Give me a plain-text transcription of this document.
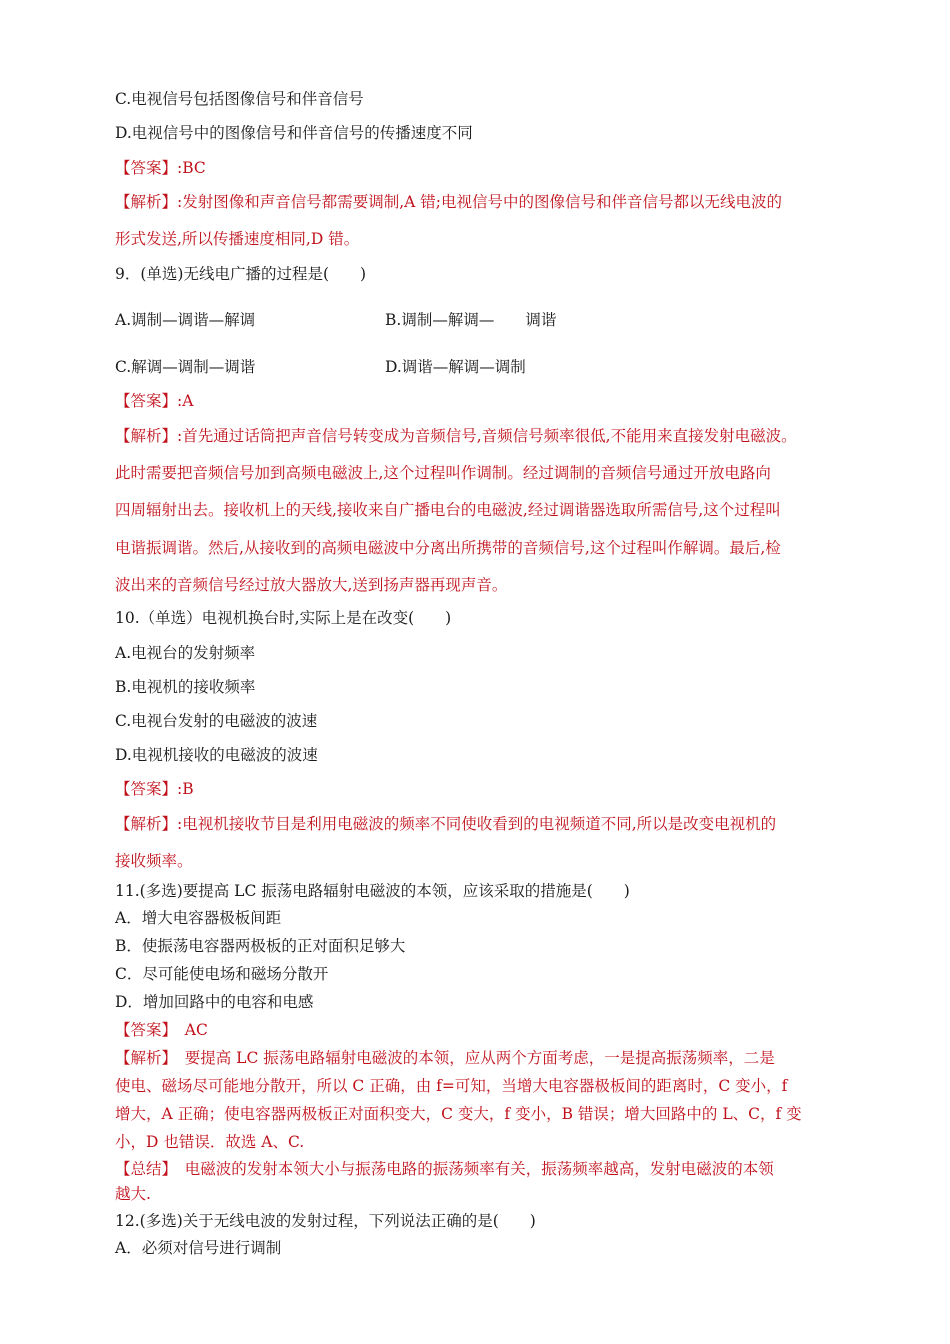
C.电视信号包括图像信号和伴音信号
D.电视信号中的图像信号和伴音信号的传播速度不同
【答案】:BC
【解析】:发射图像和声音信号都需要调制,A 错;电视信号中的图像信号和伴音信号都以无线电波的
形式发送,所以传播速度相同,D 错。
9．(单选)无线电广播的过程是(　　)
A.调制—调谐—解调	B.调制—解调—　　调谐
C.解调—调制—调谐	D.调谐—解调—调制
【答案】:A
【解析】:首先通过话筒把声音信号转变成为音频信号,音频信号频率很低,不能用来直接发射电磁波。
此时需要把音频信号加到高频电磁波上,这个过程叫作调制。经过调制的音频信号通过开放电路向
四周辐射出去。接收机上的天线,接收来自广播电台的电磁波,经过调谐器选取所需信号,这个过程叫
电谐振调谐。然后,从接收到的高频电磁波中分离出所携带的音频信号,这个过程叫作解调。最后,检
波出来的音频信号经过放大器放大,送到扬声器再现声音。
10.（单选）电视机换台时,实际上是在改变(　　)
A.电视台的发射频率
B.电视机的接收频率
C.电视台发射的电磁波的波速
D.电视机接收的电磁波的波速
【答案】:B
【解析】:电视机接收节目是利用电磁波的频率不同使收看到的电视频道不同,所以是改变电视机的
接收频率。
11.(多选)要提高 LC 振荡电路辐射电磁波的本领，应该采取的措施是(　　)
A．增大电容器极板间距
B．使振荡电容器两极板的正对面积足够大
C．尽可能使电场和磁场分散开
D．增加回路中的电容和电感
【答案】　AC
【解析】　要提高 LC 振荡电路辐射电磁波的本领，应从两个方面考虑，一是提高振荡频率，二是
使电、磁场尽可能地分散开，所以 C 正确，由 f=可知，当增大电容器极板间的距离时，C 变小，f
增大，A 正确；使电容器两极板正对面积变大，C 变大，f 变小，B 错误；增大回路中的 L、C，f 变
小，D 也错误．故选 A、C.
【总结】　电磁波的发射本领大小与振荡电路的振荡频率有关，振荡频率越高，发射电磁波的本领
越大.
12.(多选)关于无线电波的发射过程，下列说法正确的是(　　)
A．必须对信号进行调制
